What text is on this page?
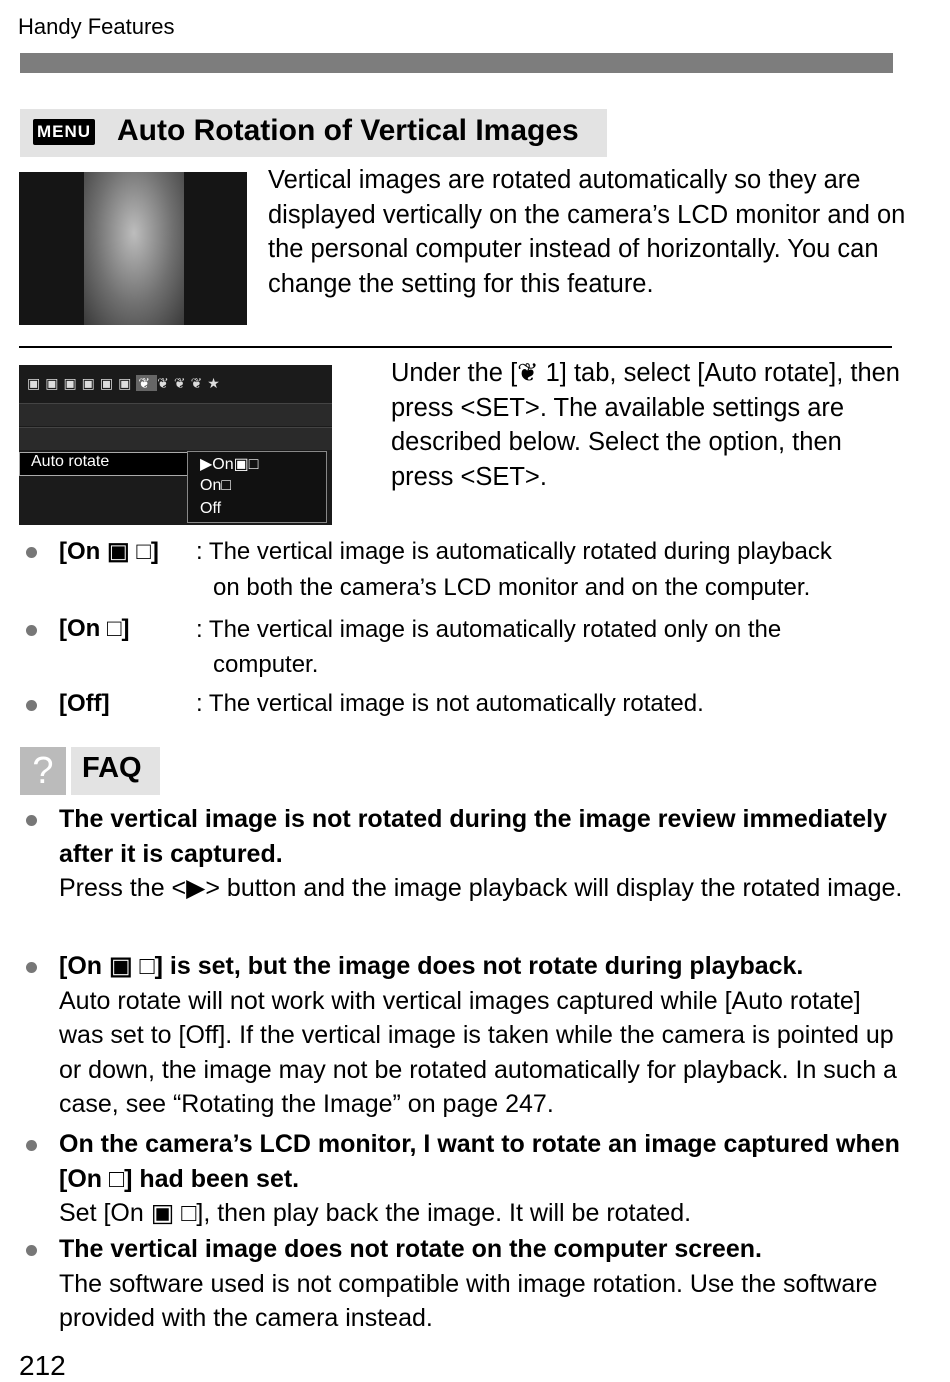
Handy Features
MENU Auto Rotation of Vertical Images
Vertical images are rotated automatically so they are displayed vertically on the camera’s LCD monitor and on the personal computer instead of horizontally. You can change the setting for this feature.
▣▣▣▣▣▣ ❦ ❦❦❦★
Auto rotate	▶On▣□
On□
Off
Under the [❦ 1] tab, select [Auto rotate], then press <SET>. The available settings are described below. Select the option, then press <SET>.
[On ▣ □] : The vertical image is automatically rotated during playback
on both the camera’s LCD monitor and on the computer.
[On □]	: The vertical image is automatically rotated only on the
computer.
[Off]	: The vertical image is not automatically rotated.
? FAQ
The vertical image is not rotated during the image review immediately after it is captured.
Press the <▶> button and the image playback will display the rotated image.
[On ▣ □] is set, but the image does not rotate during playback.
Auto rotate will not work with vertical images captured while [Auto rotate] was set to [Off]. If the vertical image is taken while the camera is pointed up or down, the image may not be rotated automatically for playback. In such a case, see “Rotating the Image” on page 247.
On the camera’s LCD monitor, I want to rotate an image captured when [On □] had been set.
Set [On ▣ □], then play back the image. It will be rotated.
The vertical image does not rotate on the computer screen.
The software used is not compatible with image rotation. Use the software provided with the camera instead.
212
